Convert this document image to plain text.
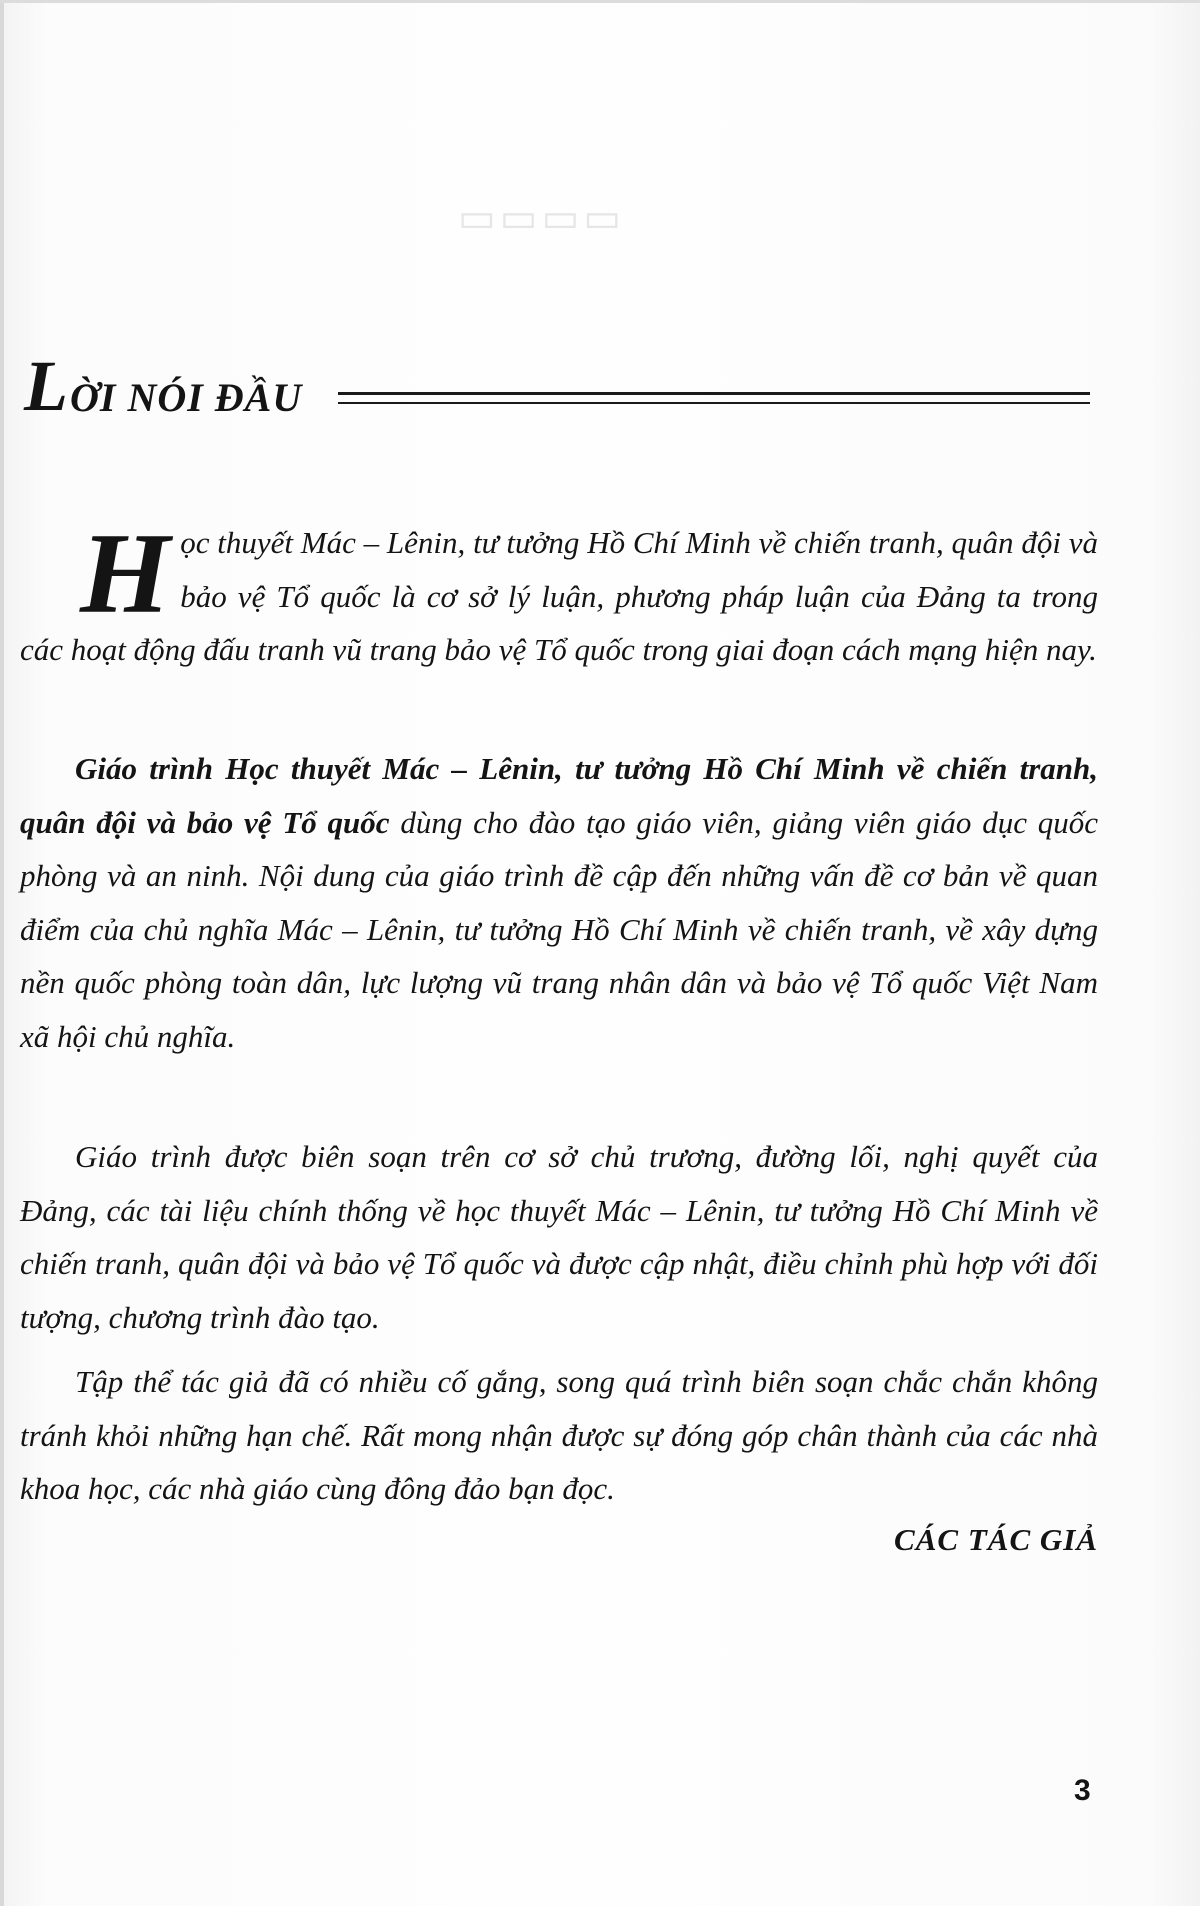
▭▭▭▭
L ỜI NÓI ĐẦU
Học thuyết Mác – Lênin, tư tưởng Hồ Chí Minh về chiến tranh, quân đội và bảo vệ Tổ quốc là cơ sở lý luận, phương pháp luận của Đảng ta trong các hoạt động đấu tranh vũ trang bảo vệ Tổ quốc trong giai đoạn cách mạng hiện nay.
Giáo trình Học thuyết Mác – Lênin, tư tưởng Hồ Chí Minh về chiến tranh, quân đội và bảo vệ Tổ quốc dùng cho đào tạo giáo viên, giảng viên giáo dục quốc phòng và an ninh. Nội dung của giáo trình đề cập đến những vấn đề cơ bản về quan điểm của chủ nghĩa Mác – Lênin, tư tưởng Hồ Chí Minh về chiến tranh, về xây dựng nền quốc phòng toàn dân, lực lượng vũ trang nhân dân và bảo vệ Tổ quốc Việt Nam xã hội chủ nghĩa.
Giáo trình được biên soạn trên cơ sở chủ trương, đường lối, nghị quyết của Đảng, các tài liệu chính thống về học thuyết Mác – Lênin, tư tưởng Hồ Chí Minh về chiến tranh, quân đội và bảo vệ Tổ quốc và được cập nhật, điều chỉnh phù hợp với đối tượng, chương trình đào tạo.
Tập thể tác giả đã có nhiều cố gắng, song quá trình biên soạn chắc chắn không tránh khỏi những hạn chế. Rất mong nhận được sự đóng góp chân thành của các nhà khoa học, các nhà giáo cùng đông đảo bạn đọc.
CÁC TÁC GIẢ
3
